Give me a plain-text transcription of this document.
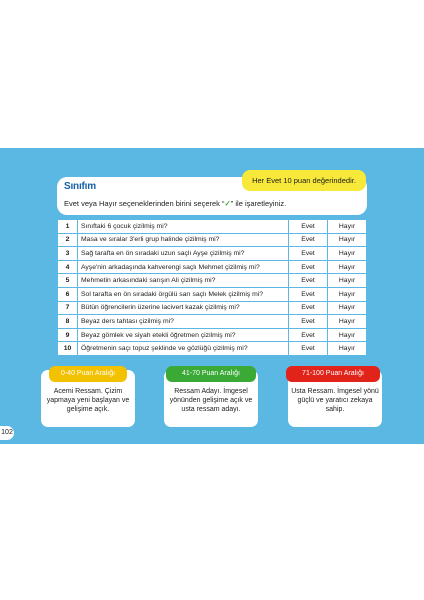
Sınıfım
Her Evet 10 puan değerindedir.
Evet veya Hayır seçeneklerinden birini seçerek “✓” ile işaretleyiniz.
1	Sınıftaki 6 çocuk çizilmiş mi?	Evet	Hayır
2	Masa ve sıralar 3'erli grup halinde çizilmiş mi?	Evet	Hayır
3	Sağ tarafta en ön sıradaki uzun saçlı Ayşe çizilmiş mi?	Evet	Hayır
4	Ayşe'nin arkadaşında kahverengi saçlı Mehmet çizilmiş mi?	Evet	Hayır
5	Mehmetin arkasındaki sarışın Ali çizilmiş mi?	Evet	Hayır
6	Sol tarafta en ön sıradaki örgülü sarı saçlı Melek çizilmiş mi?	Evet	Hayır
7	Bütün öğrencilerin üzerine lacivert kazak çizilmiş mi?	Evet	Hayır
8	Beyaz ders tahtası çizilmiş mi?	Evet	Hayır
9	Beyaz gömlek ve siyah etekli öğretmen çizilmiş mi?	Evet	Hayır
10	Öğretmenin saçı topuz şeklinde ve gözlüğü çizilmiş mi?	Evet	Hayır
0-40 Puan Aralığı
Acemi Ressam. Çizim yapmaya yeni başlayan ve gelişime açık.
41-70 Puan Aralığı
Ressam Adayı. İmgesel yönünden gelişime açık ve usta ressam adayı.
71-100 Puan Aralığı
Usta Ressam. İmgesel yönü güçlü ve yaratıcı zekaya sahip.
102
